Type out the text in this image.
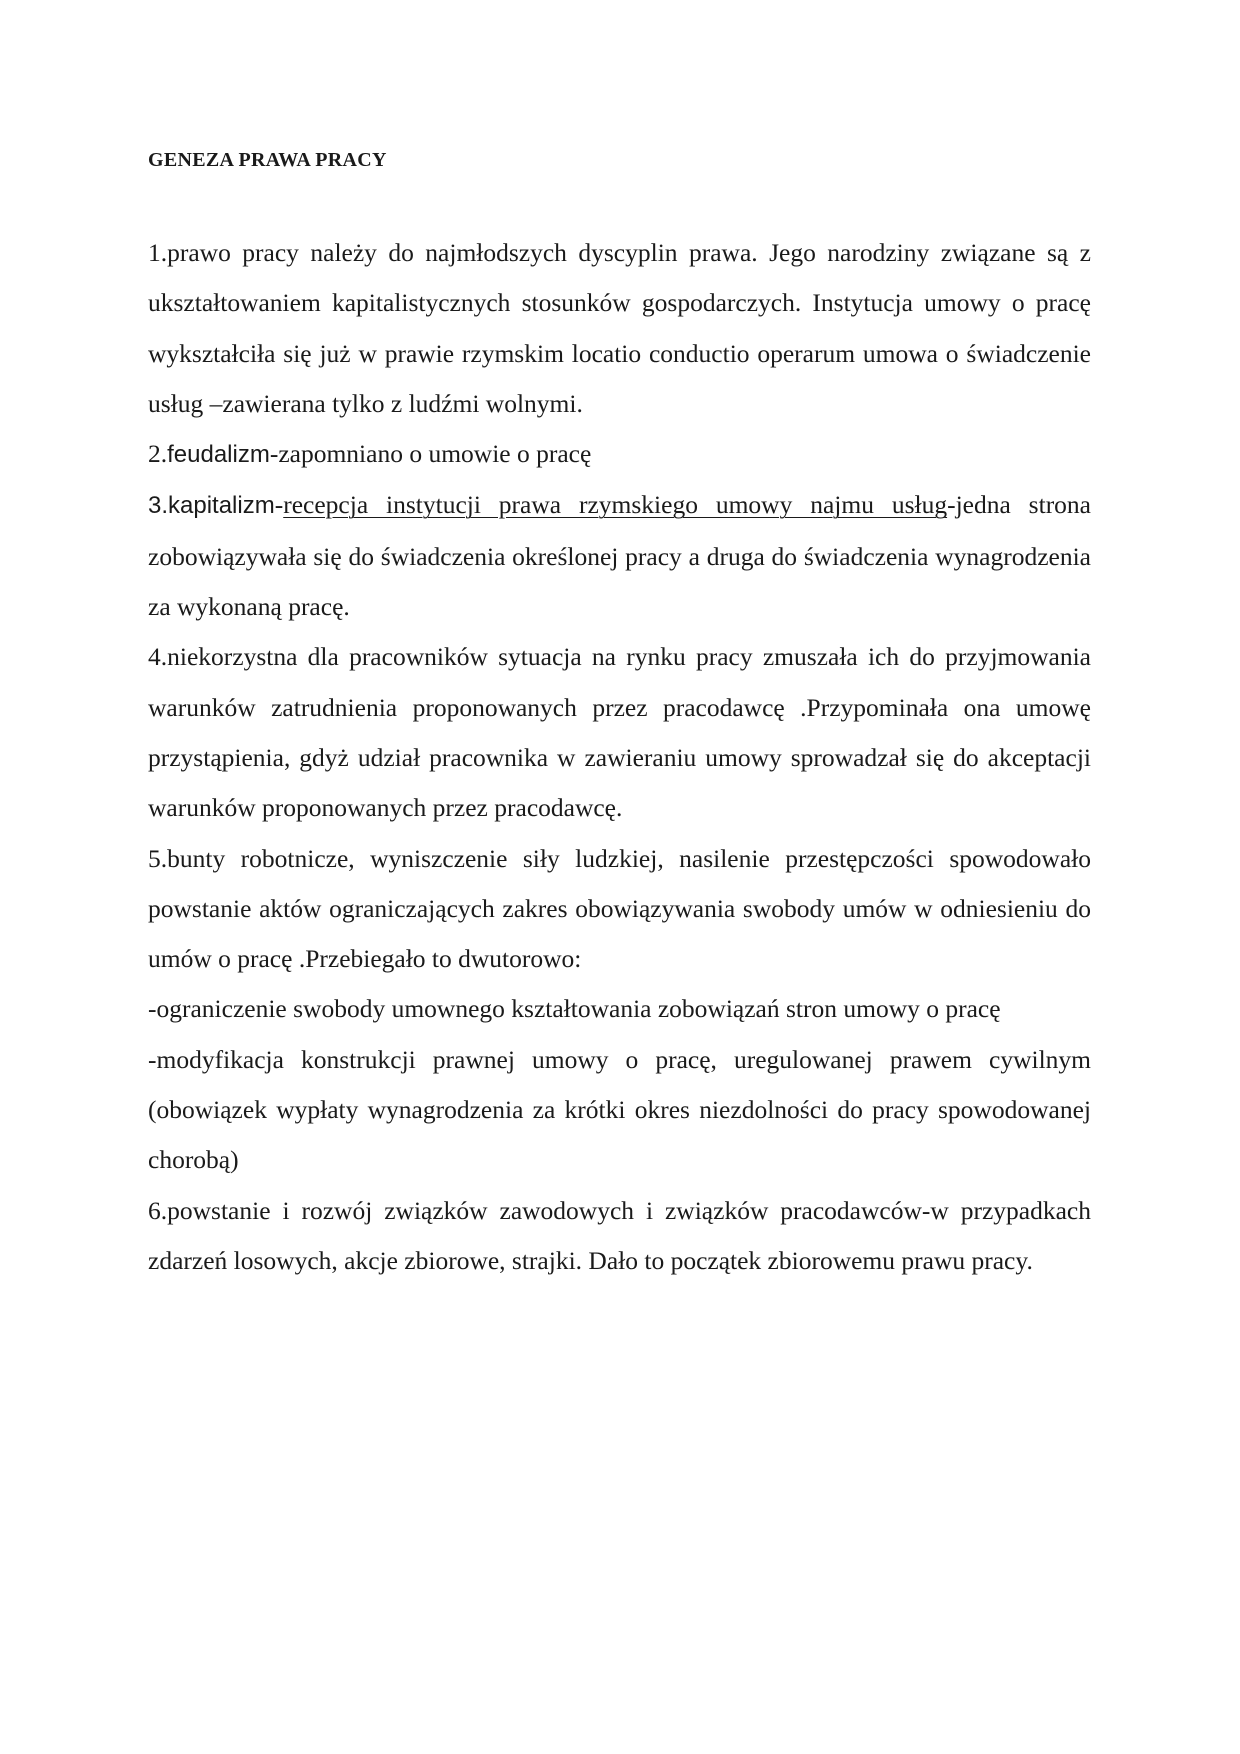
GENEZA PRAWA PRACY

1.prawo pracy należy do najmłodszych dyscyplin prawa. Jego narodziny związane są z ukształtowaniem kapitalistycznych stosunków gospodarczych. Instytucja umowy o pracę wykształciła się już w prawie rzymskim locatio conductio operarum umowa o świadczenie usług –zawierana tylko z ludźmi wolnymi.

2.feudalizm-zapomniano o umowie o pracę

3.kapitalizm-recepcja instytucji prawa rzymskiego umowy najmu usług-jedna strona zobowiązywała się do świadczenia określonej pracy a druga do świadczenia wynagrodzenia za wykonaną pracę.

4.niekorzystna dla pracowników sytuacja na rynku pracy zmuszała ich do przyjmowania warunków zatrudnienia proponowanych przez pracodawcę .Przypominała ona umowę przystąpienia, gdyż udział pracownika w zawieraniu umowy sprowadzał się do akceptacji warunków proponowanych przez pracodawcę.

5.bunty robotnicze, wyniszczenie siły ludzkiej, nasilenie przestępczości spowodowało powstanie aktów ograniczających zakres obowiązywania swobody umów w odniesieniu do umów o pracę .Przebiegało to dwutorowo:

-ograniczenie swobody umownego kształtowania zobowiązań stron umowy o pracę

-modyfikacja konstrukcji prawnej umowy o pracę, uregulowanej prawem cywilnym (obowiązek wypłaty wynagrodzenia za krótki okres niezdolności do pracy spowodowanej chorobą)

6.powstanie i rozwój związków zawodowych i związków pracodawców-w przypadkach zdarzeń losowych, akcje zbiorowe, strajki. Dało to początek zbiorowemu prawu pracy.
